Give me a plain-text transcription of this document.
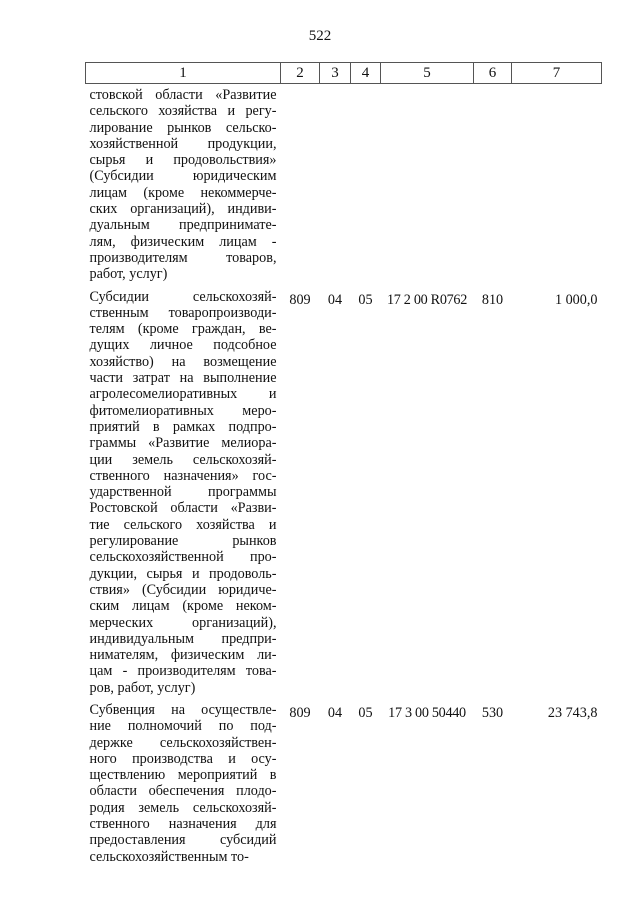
522
1	2	3	4	5	6	7

стовской области «Развитие
сельского хозяйства и регу-
лирование рынков сельско-
хозяйственной продукции,
сырья и продовольствия»
(Субсидии юридическим
лицам (кроме некоммерче-
ских организаций), индиви-
дуальным предпринимате-
лям, физическим лицам -
производителям товаров,
работ, услуг)

Субсидии сельскохозяй-
ственным товаропроизводи-
телям (кроме граждан, ве-
дущих личное подсобное
хозяйство) на возмещение
части затрат на выполнение
агролесомелиоративных и
фитомелиоративных меро-
приятий в рамках подпро-
граммы «Развитие мелиора-
ции земель сельскохозяй-
ственного назначения» гос-
ударственной программы
Ростовской области «Разви-
тие сельского хозяйства и
регулирование рынков
сельскохозяйственной про-
дукции, сырья и продоволь-
ствия» (Субсидии юридиче-
ским лицам (кроме неком-
мерческих организаций),
индивидуальным предпри-
нимателям, физическим ли-
цам - производителям това-
ров, работ, услуг)
	809	04	05	17 2 00 R0762	810	1 000,0

Субвенция на осуществле-
ние полномочий по под-
держке сельскохозяйствен-
ного производства и осу-
ществлению мероприятий в
области обеспечения плодо-
родия земель сельскохозяй-
ственного назначения для
предоставления субсидий
сельскохозяйственным то-
	809	04	05	17 3 00 50440	530	23 743,8
